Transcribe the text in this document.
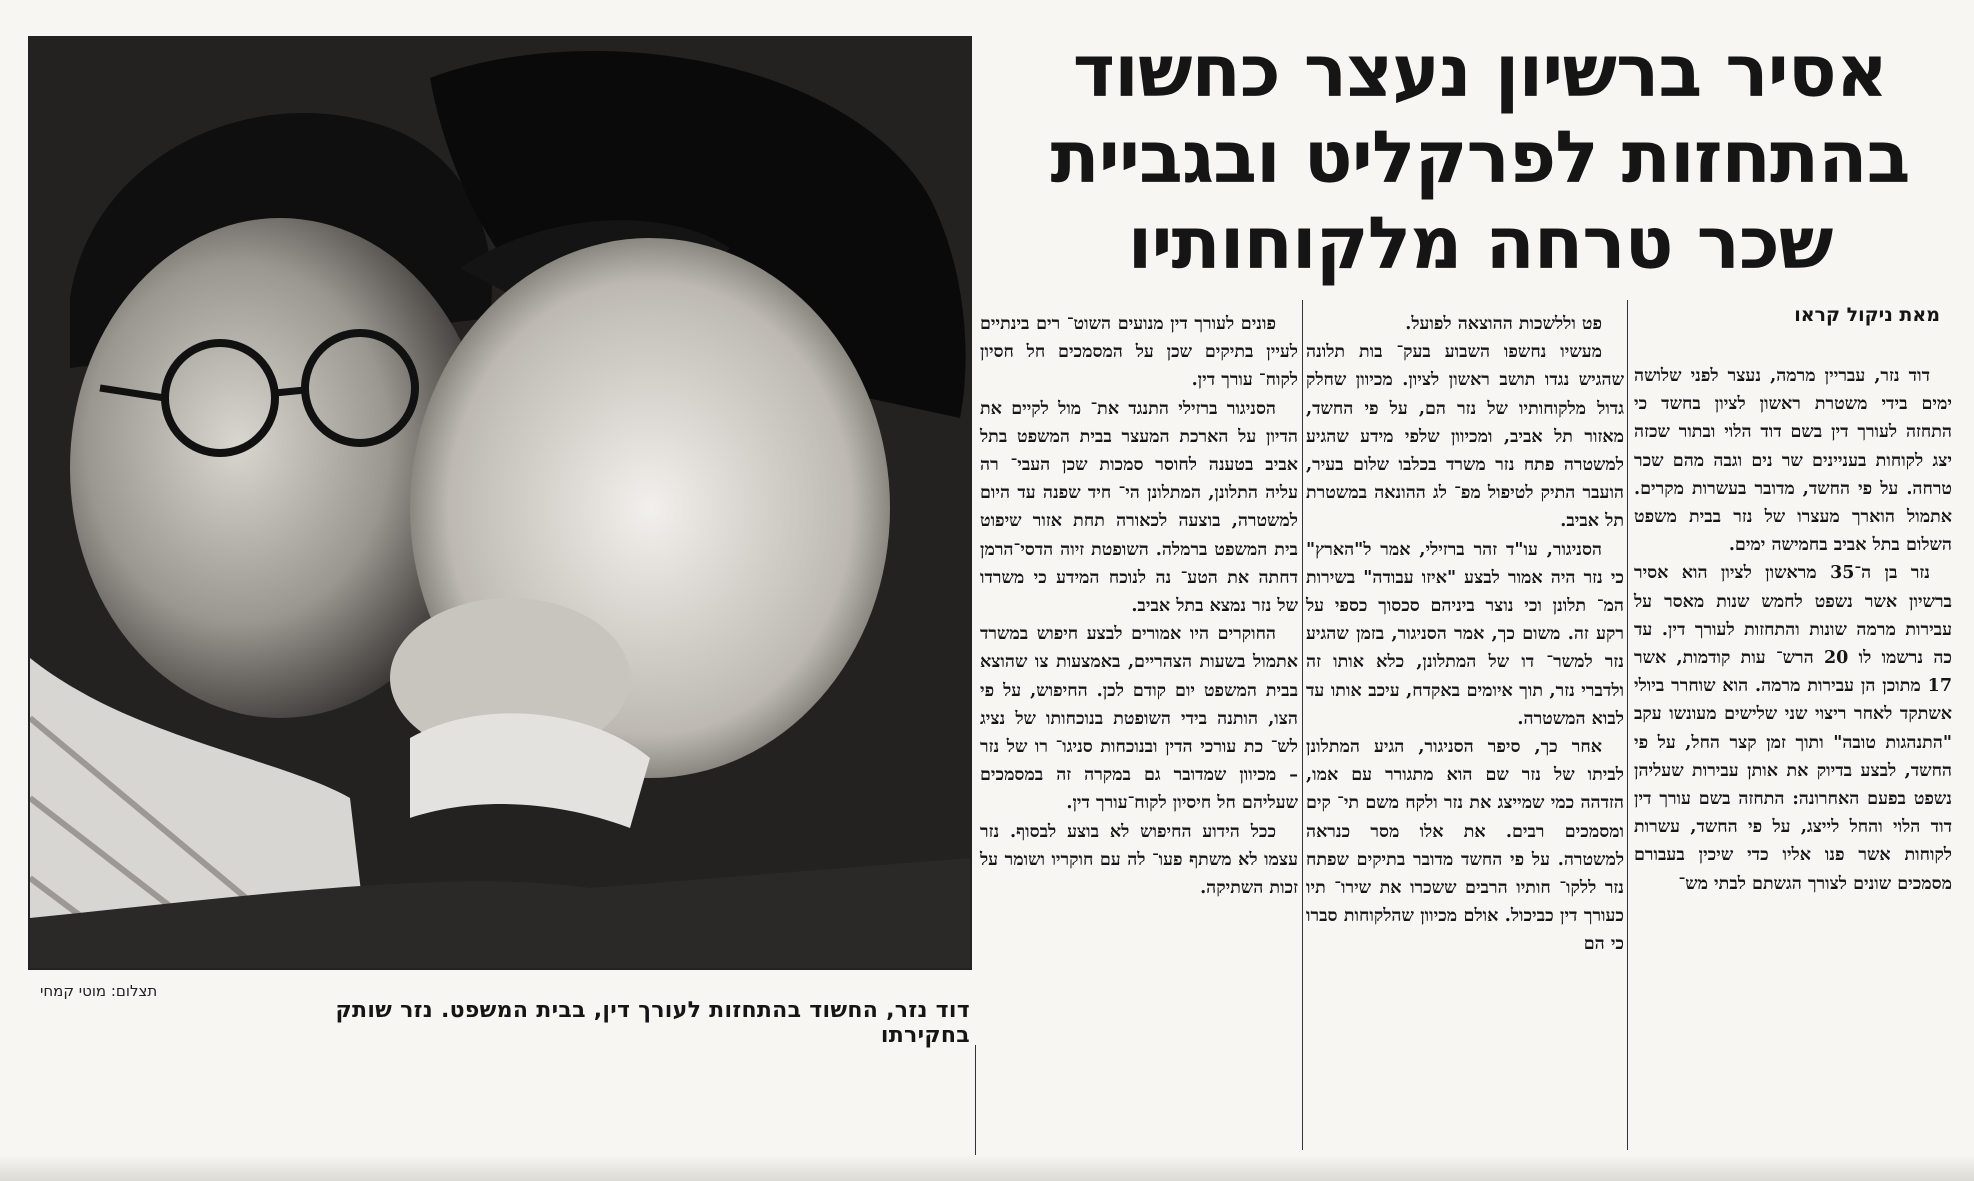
תצלום: מוטי קמחי
דוד נזר, החשוד בהתחזות לעורך דין, בבית המשפט. נזר שותק בחקירתו
אסיר ברשיון נעצר כחשוד
בהתחזות לפרקליט ובגביית
שכר טרחה מלקוחותיו
מאת ניקול קראו

דוד נזר, עבריין מרמה, נעצר לפני שלושה ימים בידי משטרת ראשון לציון בחשד כי התחזה לעורך דין בשם דוד הלוי ובתור שכזה יצג לקוחות בעניינים שר נים וגבה מהם שכר טרחה. על פי החשד, מדובר בעשרות מקרים. אתמול הוארך מעצרו של נזר בבית משפט השלום בתל אביב בחמישה ימים.

נזר בן ה־35 מראשון לציון הוא אסיר ברשיון אשר נשפט לחמש שנות מאסר על עבירות מרמה שונות והתחזות לעורך דין. עד כה נרשמו לו 20 הרש־ עות קודמות, אשר 17 מתוכן הן עבירות מרמה. הוא שוחרר ביולי אשתקד לאחר ריצוי שני שלישים מעונשו עקב "התנהגות טובה" ותוך זמן קצר החל, על פי החשד, לבצע בדיוק את אותן עבירות שעליהן נשפט בפעם האחרונה: התחזה בשם עורך דין דוד הלוי והחל לייצג, על פי החשד, עשרות לקוחות אשר פנו אליו כדי שיכין בעבורם מסמכים שונים לצורך הגשתם לבתי מש־

פט וללשכות ההוצאה לפועל.

מעשיו נחשפו השבוע בעק־ בות תלונה שהגיש נגדו תושב ראשון לציון. מכיוון שחלק גדול מלקוחותיו של נזר הם, על פי החשד, מאזור תל אביב, ומכיוון שלפי מידע שהגיע למשטרה פתח נזר משרד בכלבו שלום בעיר, הועבר התיק לטיפול מפ־ לג ההונאה במשטרת תל אביב.

הסניגור, עו"ד זהר ברזילי, אמר ל"הארץ" כי נזר היה אמור לבצע "איזו עבודה" בשירות המ־ תלונן וכי נוצר ביניהם סכסוך כספי על רקע זה. משום כך, אמר הסניגור, בזמן שהגיע נזר למשר־ דו של המתלונן, כלא אותו זה ולדברי נזר, תוך איומים באקדח, עיכב אותו עד לבוא המשטרה.

אחר כך, סיפר הסניגור, הגיע המתלונן לביתו של נזר שם הוא מתגורר עם אמו, הזדהה כמי שמייצג את נזר ולקח משם תי־ קים ומסמכים רבים. את אלו מסר כנראה למשטרה. על פי החשד מדובר בתיקים שפתח נזר ללקו־ חותיו הרבים ששכרו את שירו־ תיו כעורך דין כביכול. אולם מכיוון שהלקוחות סברו כי הם

פונים לעורך דין מנועים השוט־ רים בינתיים לעיין בתיקים שכן על המסמכים חל חסיון לקוח־ עורך דין.

הסניגור ברזילי התנגד את־ מול לקיים את הדיון על הארכת המעצר בבית המשפט בתל אביב בטענה לחוסר סמכות שכן העבי־ רה עליה התלונן, המתלונן הי־ חיד שפנה עד היום למשטרה, בוצעה לכאורה תחת אזור שיפוט בית המשפט ברמלה. השופטת זיוה הדסי־הרמן דחתה את הטע־ נה לנוכח המידע כי משרדו של נזר נמצא בתל אביב.

החוקרים היו אמורים לבצע חיפוש במשרד אתמול בשעות הצהריים, באמצעות צו שהוצא בבית המשפט יום קודם לכן. החיפוש, על פי הצו, הותנה בידי השופטת בנוכחותו של נציג לש־ כת עורכי הדין ובנוכחות סניגו־ רו של נזר – מכיוון שמדובר גם במקרה זה במסמכים שעליהם חל חיסיון לקוח־עורך דין.

ככל הידוע החיפוש לא בוצע לבסוף. נזר עצמו לא משתף פעו־ לה עם חוקריו ושומר על זכות השתיקה.
